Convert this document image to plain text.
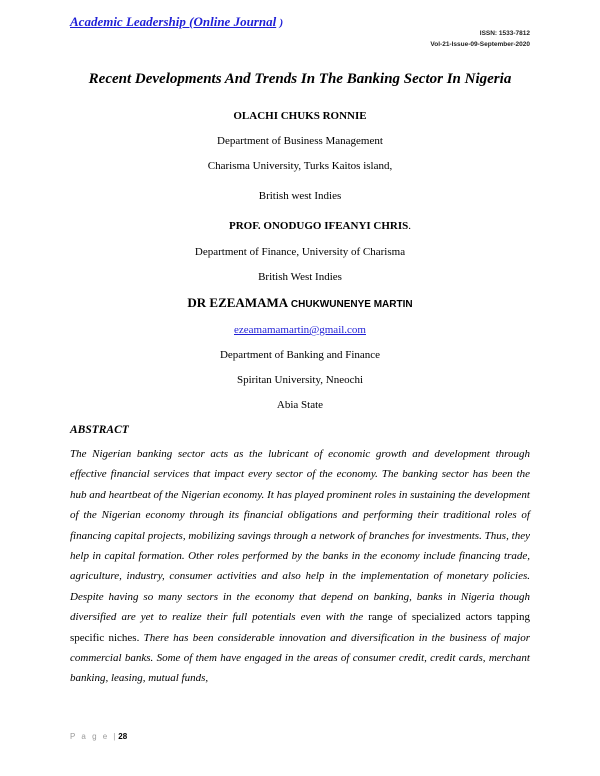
Academic Leadership (Online Journal )
ISSN: 1533-7812
Vol-21-Issue-09-September-2020
Recent Developments And Trends In The Banking Sector In Nigeria
OLACHI CHUKS RONNIE
Department of Business Management
Charisma University, Turks Kaitos island,
British west Indies
PROF. ONODUGO IFEANYI CHRIS.
Department of Finance, University of Charisma
British West Indies
DR EZEAMAMA CHUKWUNENYE MARTIN
ezeamamamartin@gmail.com
Department of Banking and Finance
Spiritan University, Nneochi
Abia State
ABSTRACT
The Nigerian banking sector acts as the lubricant of economic growth and development through effective financial services that impact every sector of the economy. The banking sector has been the hub and heartbeat of the Nigerian economy. It has played prominent roles in sustaining the development of the Nigerian economy through its financial obligations and performing their traditional roles of financing capital projects, mobilizing savings through a network of branches for investments. Thus, they help in capital formation. Other roles performed by the banks in the economy include financing trade, agriculture, industry, consumer activities and also help in the implementation of monetary policies. Despite having so many sectors in the economy that depend on banking, banks in Nigeria though diversified are yet to realize their full potentials even with the range of specialized actors tapping specific niches. There has been considerable innovation and diversification in the business of major commercial banks. Some of them have engaged in the areas of consumer credit, credit cards, merchant banking, leasing, mutual funds,
P a g e | 28
